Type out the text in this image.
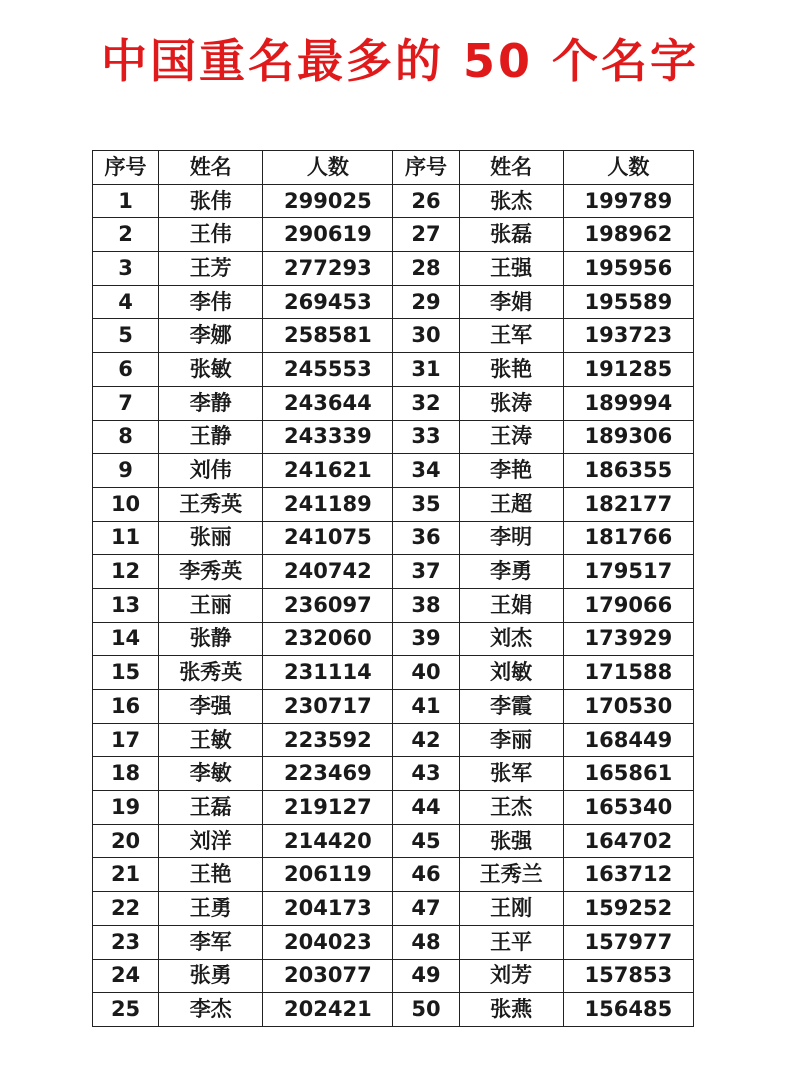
中国重名最多的 50 个名字
序号	姓名	人数	序号	姓名	人数
1	张伟	299025	26	张杰	199789
2	王伟	290619	27	张磊	198962
3	王芳	277293	28	王强	195956
4	李伟	269453	29	李娟	195589
5	李娜	258581	30	王军	193723
6	张敏	245553	31	张艳	191285
7	李静	243644	32	张涛	189994
8	王静	243339	33	王涛	189306
9	刘伟	241621	34	李艳	186355
10	王秀英	241189	35	王超	182177
11	张丽	241075	36	李明	181766
12	李秀英	240742	37	李勇	179517
13	王丽	236097	38	王娟	179066
14	张静	232060	39	刘杰	173929
15	张秀英	231114	40	刘敏	171588
16	李强	230717	41	李霞	170530
17	王敏	223592	42	李丽	168449
18	李敏	223469	43	张军	165861
19	王磊	219127	44	王杰	165340
20	刘洋	214420	45	张强	164702
21	王艳	206119	46	王秀兰	163712
22	王勇	204173	47	王刚	159252
23	李军	204023	48	王平	157977
24	张勇	203077	49	刘芳	157853
25	李杰	202421	50	张燕	156485
